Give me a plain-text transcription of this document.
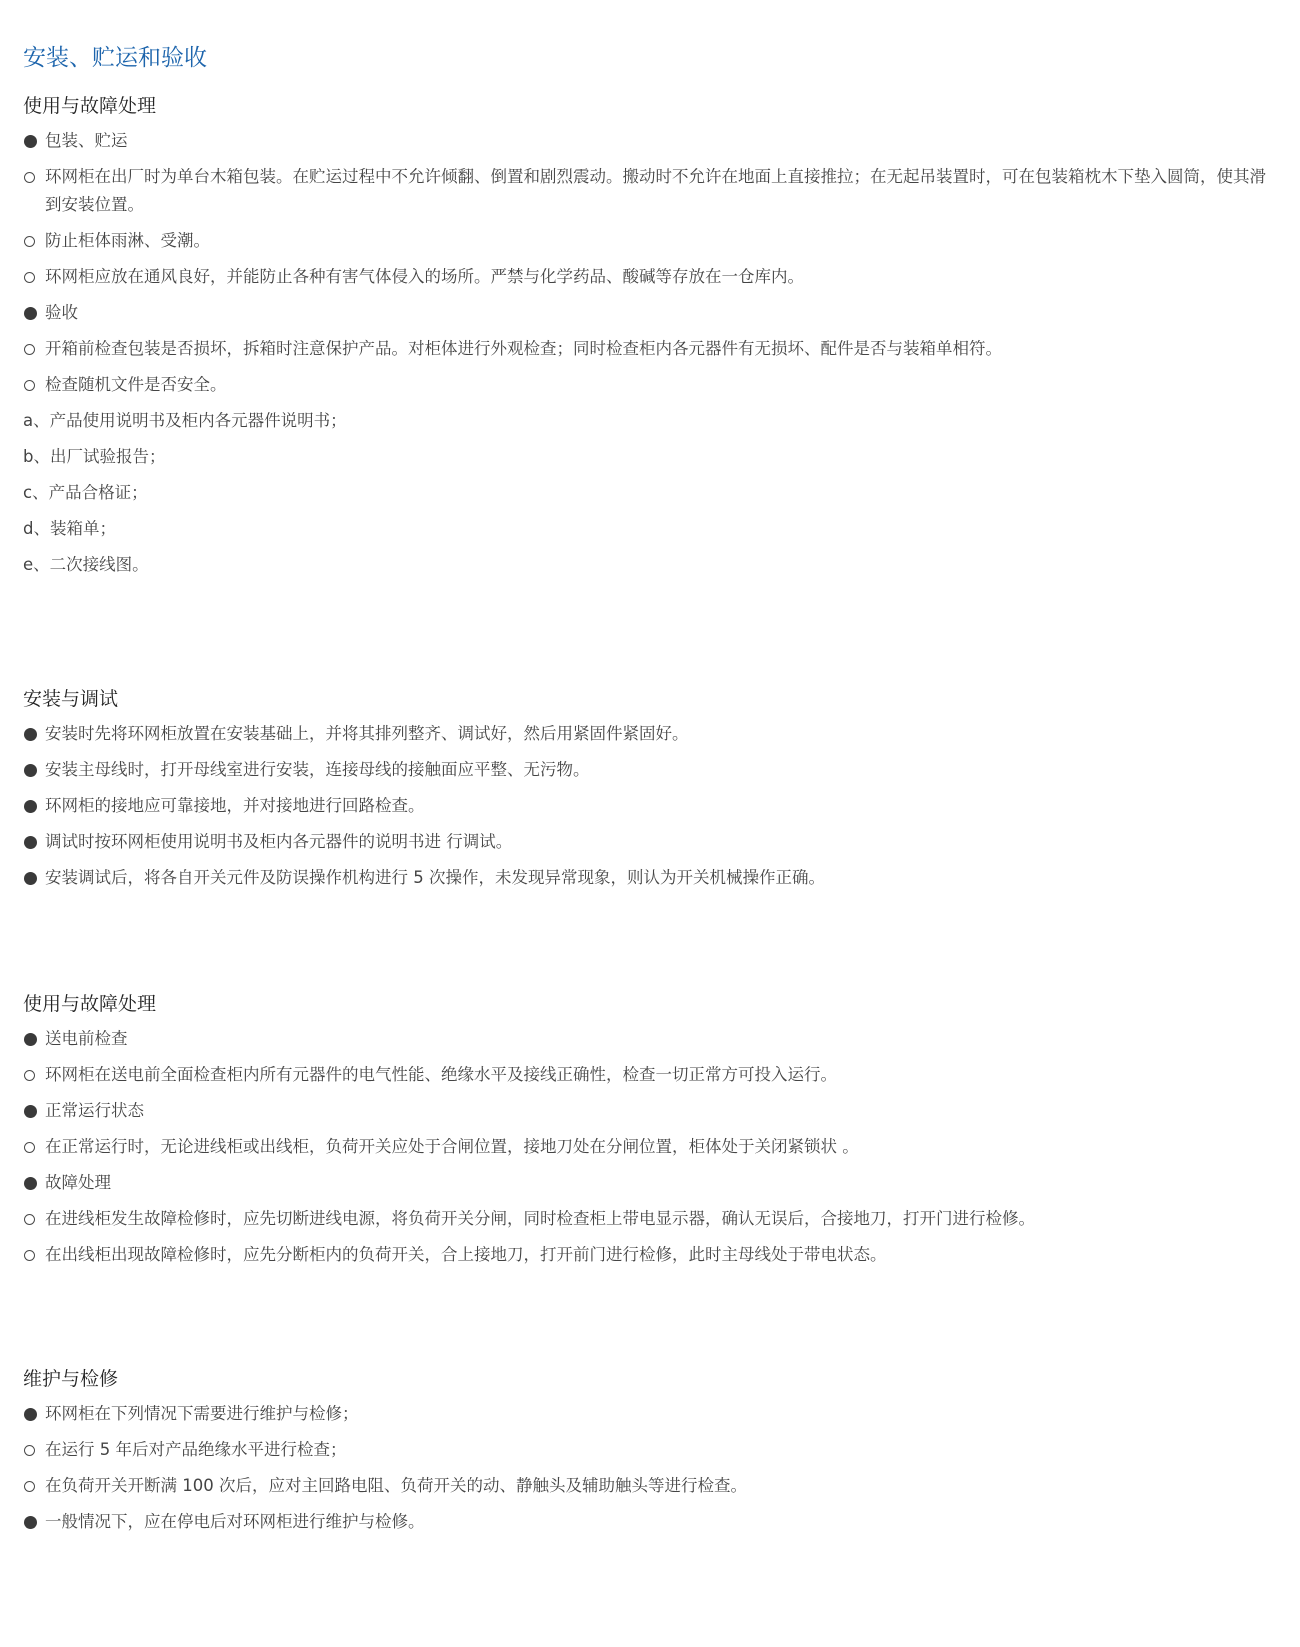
安装、贮运和验收
使用与故障处理
包装、贮运
环网柜在出厂时为单台木箱包装。在贮运过程中不允许倾翻、倒置和剧烈震动。搬动时不允许在地面上直接推拉；在无起吊装置时，可在包装箱枕木下垫入圆筒，使其滑到安装位置。
防止柜体雨淋、受潮。
环网柜应放在通风良好，并能防止各种有害气体侵入的场所。严禁与化学药品、酸碱等存放在一仓库内。
验收
开箱前检查包装是否损坏，拆箱时注意保护产品。对柜体进行外观检查；同时检查柜内各元器件有无损坏、配件是否与装箱单相符。
检查随机文件是否安全。
a、产品使用说明书及柜内各元器件说明书；
b、出厂试验报告；
c、产品合格证；
d、装箱单；
e、二次接线图。
安装与调试
安装时先将环网柜放置在安装基础上，并将其排列整齐、调试好，然后用紧固件紧固好。
安装主母线时，打开母线室进行安装，连接母线的接触面应平整、无污物。
环网柜的接地应可靠接地，并对接地进行回路检查。
调试时按环网柜使用说明书及柜内各元器件的说明书进 行调试。
安装调试后，将各自开关元件及防误操作机构进行 5 次操作，未发现异常现象，则认为开关机械操作正确。
使用与故障处理
送电前检查
环网柜在送电前全面检查柜内所有元器件的电气性能、绝缘水平及接线正确性，检查一切正常方可投入运行。
正常运行状态
在正常运行时，无论进线柜或出线柜，负荷开关应处于合闸位置，接地刀处在分闸位置，柜体处于关闭紧锁状 。
故障处理
在进线柜发生故障检修时，应先切断进线电源，将负荷开关分闸，同时检查柜上带电显示器，确认无误后，合接地刀，打开门进行检修。
在出线柜出现故障检修时，应先分断柜内的负荷开关，合上接地刀，打开前门进行检修，此时主母线处于带电状态。
维护与检修
环网柜在下列情况下需要进行维护与检修；
在运行 5 年后对产品绝缘水平进行检查；
在负荷开关开断满 100 次后，应对主回路电阻、负荷开关的动、静触头及辅助触头等进行检查。
一般情况下，应在停电后对环网柜进行维护与检修。
